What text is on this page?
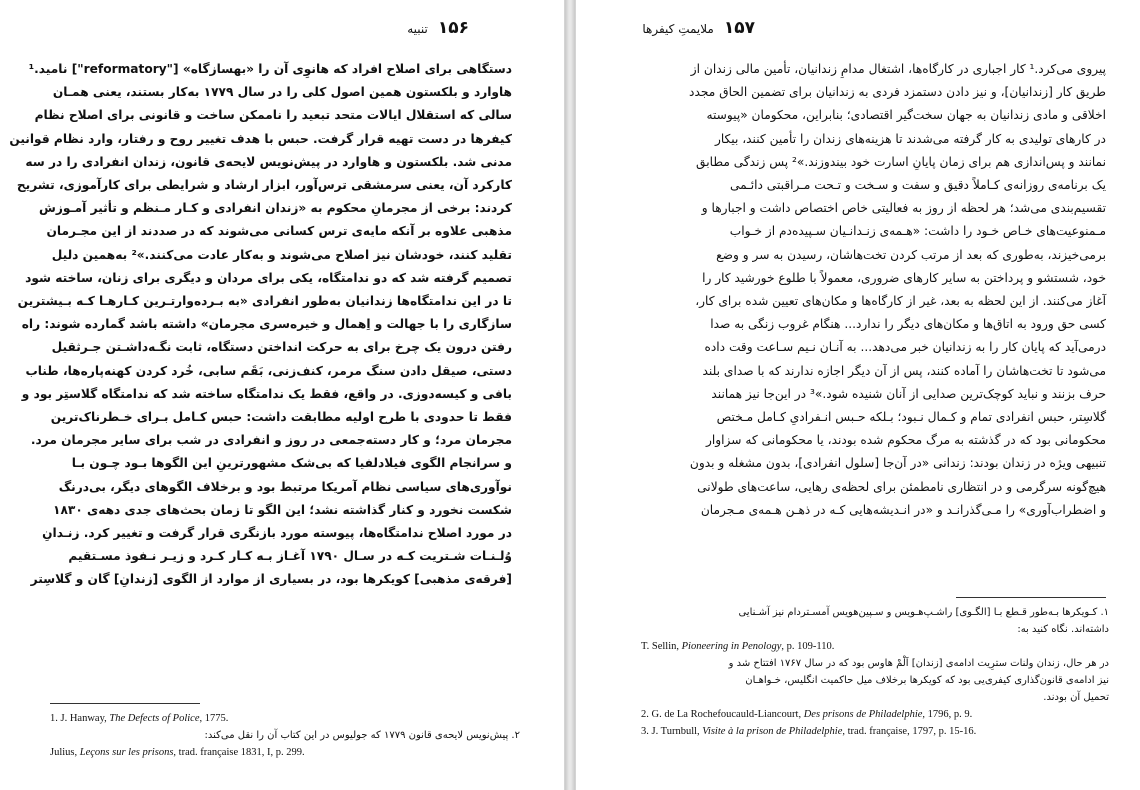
۱۵۶
تنبیه
دستگاهی برای اصلاح افراد که هانوِی آن را «بهسازگاه» ["reformatory"] نامید.¹
هاوارد و بلکستون همین اصول کلی را در سال ۱۷۷۹ به‌کار بستند، یعنی همـان
سالی که استقلال ایالات متحد تبعید را ناممکن ساخت و قانونی برای اصلاح نظام
کیفرها در دست تهیه قرار گرفت. حبس با هدف تغییر روح و رفتار، وارد نظام قوانین
مدنی شد. بلکستون و هاوارد در پیش‌نویس لایحه‌ی قانون، زندان انفرادی را در سه
کارکرد آن، یعنی سرمشقی ترس‌آور، ابزار ارشاد و شرایطی برای کارآموزی، تشریح
کردند: برخی از مجرمانِ محکوم به «زندان انفرادی و کـار مـنظم و تأثیر آمـوزش
مذهبی علاوه بر آنکه مایه‌ی ترس کسانی می‌شوند که در صددند از این مجـرمان
تقلید کنند، خودشان نیز اصلاح می‌شوند و به‌کار عادت می‌کنند.»² به‌همین دلیل
تصمیم گرفته شد که دو ندامتگاه، یکی برای مردان و دیگری برای زنان، ساخته شود
تا در این ندامتگاه‌ها زندانیان به‌طور انفرادی «به بـرده‌وارتـرین کـارهـا کـه بـیشترین
سازگاری را با جهالت و اِهمال و خیره‌سری مجرمان» داشته باشد گمارده شوند: راه
رفتن درون یک چرخ برای به حرکت انداختن دستگاه، ثابت نگـه‌داشـتن جـرثقیل
دستی، صیقل دادن سنگ مرمر، کنف‌زنی، بَقَم سابی، خُرد کردن کهنه‌پاره‌ها، طناب
بافی و کیسه‌دوزی. در واقع، فقط یک ندامتگاه ساخته شد که ندامتگاه گلاستِر بود و
فقط تا حدودی با طرح اولیه مطابقت داشت: حبس کـامل بـرای خـطرناک‌ترین
مجرمان مرد؛ و کار دسته‌جمعی در روز و انفرادی در شب برای سایر مجرمان مرد.
و سرانجام الگوی فیلادلفیا که بی‌شک مشهورترینِ این الگوها بـود چـون بـا
نوآوری‌های سیاسی نظام آمریکا مرتبط بود و برخلاف الگوهای دیگر، بی‌درنگ
شکست نخورد و کنار گذاشته نشد؛ این الگو تا زمان بحث‌های جدی دهه‌ی ۱۸۳۰
در مورد اصلاح ندامتگاه‌ها، پیوسته مورد بازنگری قرار گرفت و تغییر کرد. زنـدانِ
وُلـنـات شـتریت کـه در سـال ۱۷۹۰ آغـاز بـه کـار کـرد و زیـر نـفوذ مسـتقیم
[فرقه‌ی مذهبی] کویکرها بود، در بسیاری از موارد از الگوی [زندانِ] گان و گلاسِتر
1. J. Hanway, The Defects of Police, 1775.
۲. پیش‌نویس لایحه‌ی قانون ۱۷۷۹ که جولیوس در این کتاب آن را نقل می‌کند:
Julius, Leçons sur les prisons, trad. française 1831, I, p. 299.
۱۵۷
ملایمتِ کیفرها
پیروی می‌کرد.¹ کار اجباری در کارگاه‌ها، اشتغال مدامِ زندانیان، تأمین مالی زندان از
طریق کار [زندانیان]، و نیز دادن دستمزد فردی به زندانیان برای تضمین الحاق مجدد
اخلاقی و مادی زندانیان به جهان سخت‌گیر اقتصادی؛ بنابراین، محکومان «پیوسته
در کارهای تولیدی به کار گرفته می‌شدند تا هزینه‌های زندان را تأمین کنند، بیکار
نمانند و پس‌اندازی هم برای زمان پایانِ اسارت خود بیندوزند.»² پس زندگی مطابق
یک برنامه‌ی روزانه‌ی کـاملاً دقیق و سفت و سـخت و تـحت مـراقبتی دائـمی
تقسیم‌بندی می‌شد؛ هر لحظه از روز به فعالیتی خاص اختصاص داشت و اجبارها و
مـمنوعیت‌های خـاص خـود را داشت: «هـمه‌ی زنـدانـیان سـپیده‌دم از خـواب
برمی‌خیزند، به‌طوری که بعد از مرتب کردن تخت‌هاشان، رسیدن به سر و وضع
خود، شستشو و پرداختن به سایر کارهای ضروری، معمولاً با طلوع خورشید کار را
آغاز می‌کنند. از این لحظه به بعد، غیر از کارگاه‌ها و مکان‌های تعیین شده برای کار،
کسی حق ورود به اتاق‌ها و مکان‌های دیگر را ندارد... هنگام غروب زنگی به صدا
درمی‌آید که پایان کار را به زندانیان خبر می‌دهد... به آنـان نـیم سـاعت وقت داده
می‌شود تا تخت‌هاشان را آماده کنند، پس از آن دیگر اجازه ندارند که با صدای بلند
حرف بزنند و نباید کوچک‌ترین صدایی از آنان شنیده شود.»³ در این‌جا نیز همانند
گلاسِتر، حبس انفرادی تمام و کـمال نـبود؛ بـلکه حـبس انـفرادیِ کـامل مـختص
محکومانی بود که در گذشته به مرگ محکوم شده بودند، یا محکومانی که سزاوار
تنبیهی ویژه در زندان بودند: زندانی «در آن‌جا [سلول انفرادی]، بدون مشغله و بدون
هیچ‌گونه سرگرمی و در انتظاری نامطمئن برای لحظه‌ی رهایی، ساعت‌های طولانی
و اضطراب‌آوری» را مـی‌گذرانـد و «در انـدیشه‌هایی کـه در ذهـن هـمه‌ی مـجرمان
۱. کـویکرها بـه‌طور قـطع بـا [الگـوی] راشـپ‌هـویس و سـپین‌هویس آمسـتردام نیز آشـنایی
داشته‌اند. نگاه کنید به:
T. Sellin, Pioneering in Penology, p. 109-110.
در هر حال، زندان ولنات سترِیت ادامه‌ی [زندان] اَلْمْ هاوس بود که در سال ۱۷۶۷ افتتاح شد و
نیز ادامه‌ی قانون‌گذاری کیفری‌یی بود که کویکرها برخلاف میل حاکمیت انگلیس، خـواهـان
تحمیل آن بودند.
2. G. de La Rochefoucauld-Liancourt, Des prisons de Philadelphie, 1796, p. 9.
3. J. Turnbull, Visite à la prison de Philadelphie, trad. française, 1797, p. 15-16.
